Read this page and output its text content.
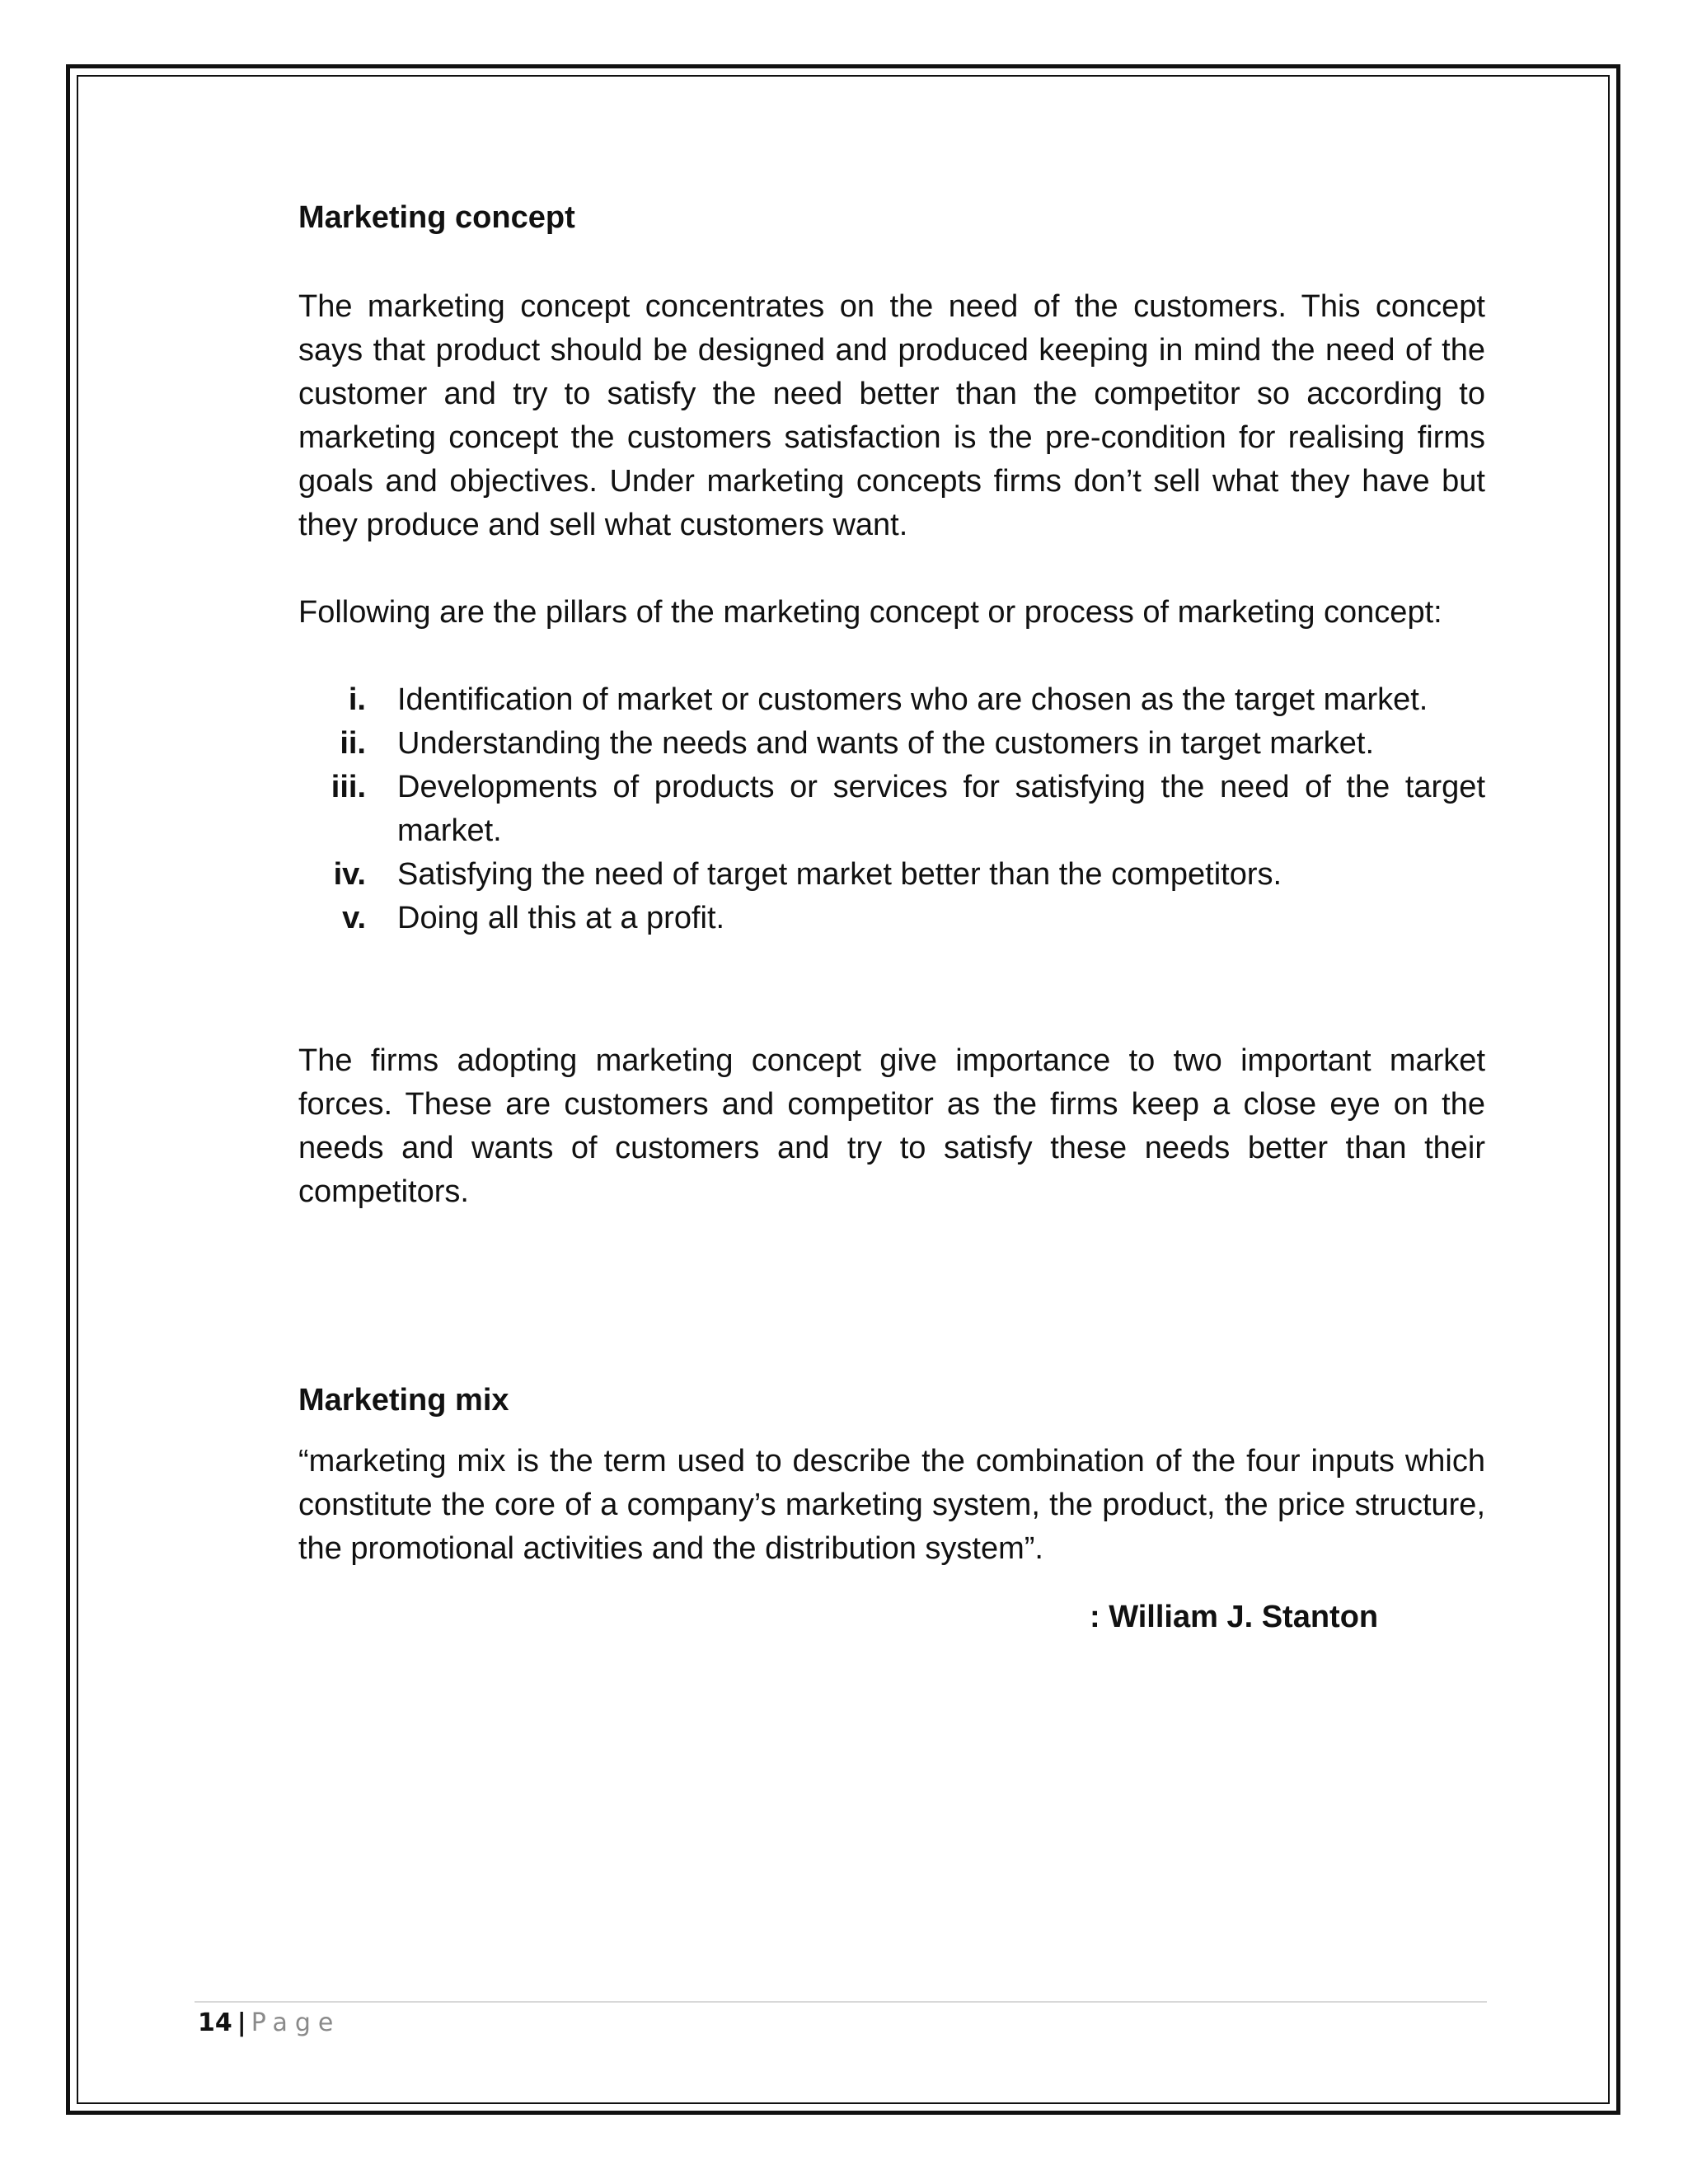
Marketing concept

The marketing concept concentrates on the need of the customers. This concept says that product should be designed and produced keeping in mind the need of the customer and try to satisfy the need better than the competitor so according to marketing concept the customers satisfaction is the pre-condition for realising firms goals and objectives. Under marketing concepts firms don’t sell what they have but they produce and sell what customers want.

Following are the pillars of the marketing concept or process of marketing concept:

i.	Identification of market or customers who are chosen as the target market.
ii.	Understanding the needs and wants of the customers in target market.
iii.	Developments of products or services for satisfying the need of the target market.
iv.	Satisfying the need of target market better than the competitors.
v.	Doing all this at a profit.

The firms adopting marketing concept give importance to two important market forces. These are customers and competitor as the firms keep a close eye on the needs and wants of customers and try to satisfy these needs better than their competitors.

Marketing mix

“marketing mix is the term used to describe the combination of the four inputs which constitute the core of a company’s marketing system, the product, the price structure, the promotional activities and the distribution system”.

: William J. Stanton

14 | Page
